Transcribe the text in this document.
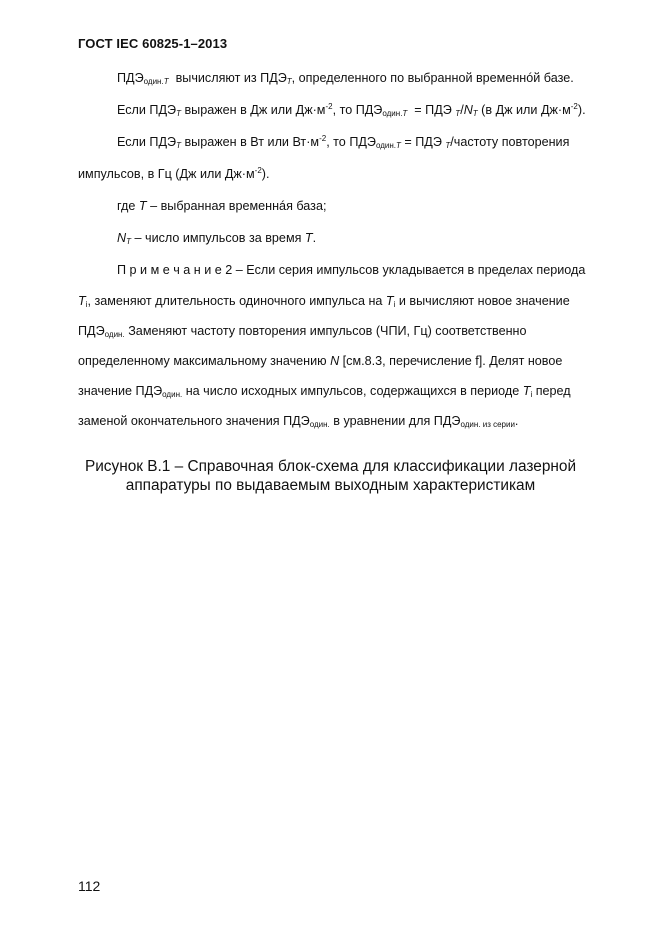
ГОСТ IEC 60825-1–2013
$ПДЭ_{один.T}$ вычисляют из $ПДЭ_T$, определенного по выбранной временнóй базе.
Если $ПДЭ_T$ выражен в Дж или $Дж\cdot м^{-2}$, то $ПДЭ_{один.T}$  = ПДЭ $_T/N_T$ (в Дж или $Дж\cdot м^{-2}$).
Если $ПДЭ_T$ выражен в Вт или $Вт\cdot м^{-2}$, то $ПДЭ_{один.T}$ = ПДЭ $_T$/частоту повторения
импульсов, в Гц (Дж или $Дж\cdot м^{-2}$).
где T – выбранная временнáя база;
$N_T$ – число импульсов за время T.
П р и м е ч а н и е 2 – Если серия импульсов укладывается в пределах периода
$T_i$, заменяют длительность одиночного импульса на $T_i$ и вычисляют новое значение
$ПДЭ_{один.}$ Заменяют частоту повторения импульсов (ЧПИ, Гц) соответственно
определенному максимальному значению N [см.8.3, перечисление f]. Делят новое
значение $ПДЭ_{один.}$ на число исходных импульсов, содержащихся в периоде $T_i$ перед
заменой окончательного значения $ПДЭ_{один.}$ в уравнении для $ПДЭ_{один. из серии}$.
Рисунок В.1 – Справочная блок-схема для классификации лазерной
аппаратуры по выдаваемым выходным характеристикам
112
